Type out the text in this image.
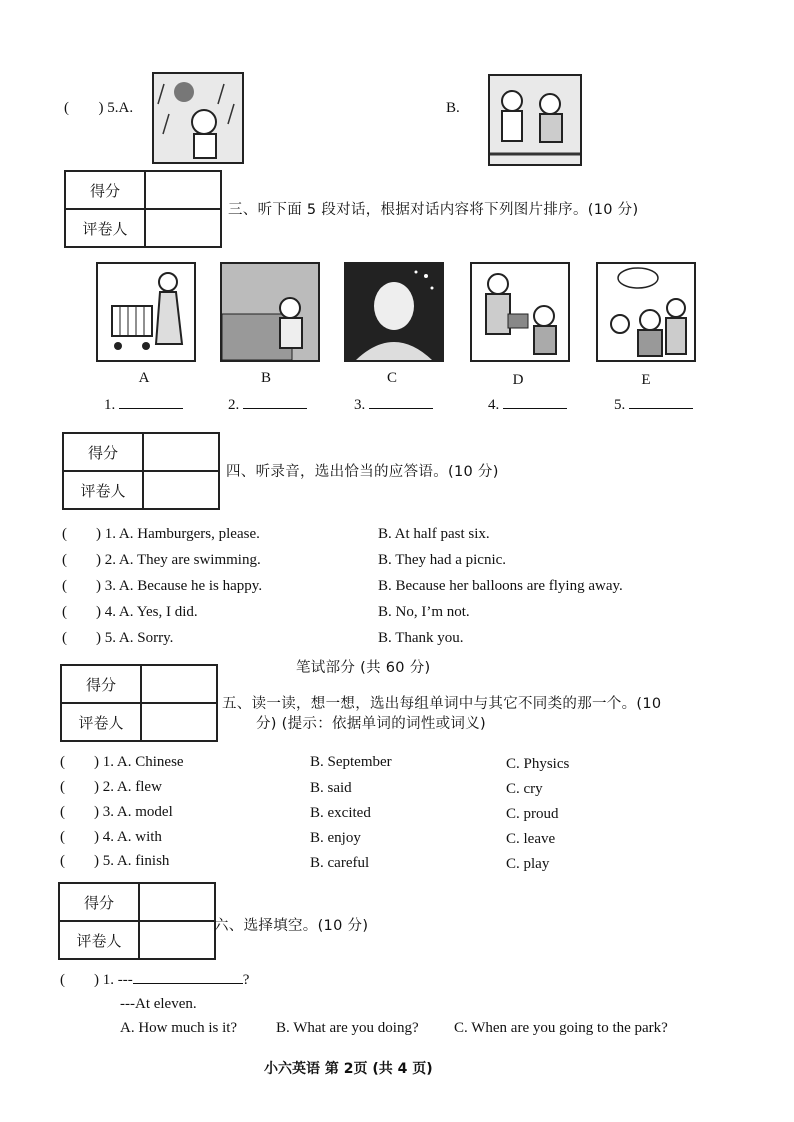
( ) 5.A.	B.
得分	
评卷人	
三、听下面 5 段对话，根据对话内容将下列图片排序。(10 分)
A	B	C	D	E
1.	2.	3.	4.	5.
得分	
评卷人	
四、听录音，选出恰当的应答语。(10 分)
( ) 1. A. Hamburgers, please.	B. At half past six.
( ) 2. A. They are swimming.	B. They had a picnic.
( ) 3. A. Because he is happy.	B. Because her balloons are flying away.
( ) 4. A. Yes, I did.	B. No, I’m not.
( ) 5. A. Sorry.	B. Thank you.
笔试部分 (共 60 分)
得分	
评卷人	
五、读一读，想一想，选出每组单词中与其它不同类的那一个。(10
分) (提示：依据单词的词性或词义)
( ) 1. A. Chinese	B. September	C. Physics
( ) 2. A. flew	B. said	C. cry
( ) 3. A. model	B. excited	C. proud
( ) 4. A. with	B. enjoy	C. leave
( ) 5. A. finish	B. careful	C. play
得分	
评卷人	
六、选择填空。(10 分)
( ) 1. ---	?
---At eleven.
A. How much is it?	B. What are you doing? C. When are you going to the park?
小六英语 第 2页 (共 4 页)
